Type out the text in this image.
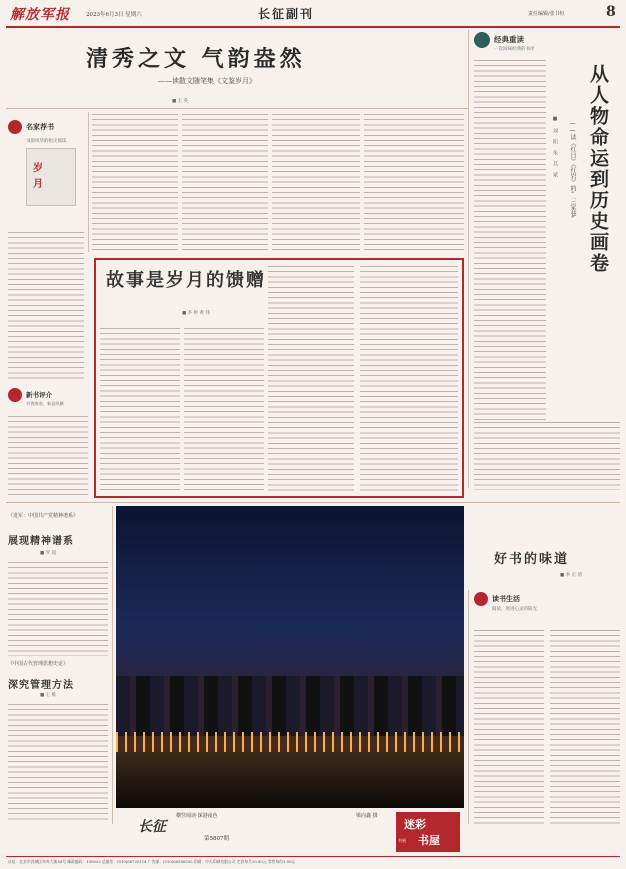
解放军报	2023年6月3日 星期六	长征副刊	责任编辑/张书恒	8
清秀之文 气韵盎然
——读散文随笔集《文鉴岁月》
■ 王 英
名家荐书
书韵风华的指尖阅读
岁
月
经典重读
一次回味经典的书评
从人物命运到历史画卷
——读《红日》《红岩》的“三家巷”
■ 刘 阳 朱 其 斌
故事是岁月的馈赠
■ 李 婷 黄 伟
新书评介
书香淘金，新意纵横
好书的味道
■ 李 正 清
《进军：中国共产党精神谱系》
展现精神谱系
■ 罗 超
《中国古代管理思想史论》
深究管理方法
■ 王 维
横竖阅读·深港夜色	梁向鑫 摄
读书生活
阅读，照进心灵的阳光
长征
第5807期
迷彩
书屋
书展
社址：北京市西城区阜外大街34号 邮政编码：100832 总编室：(010)66720114 广告部：(010)66586350 印刷：中天印刷有限公司 定价每月20.80元 零售每份1.00元
